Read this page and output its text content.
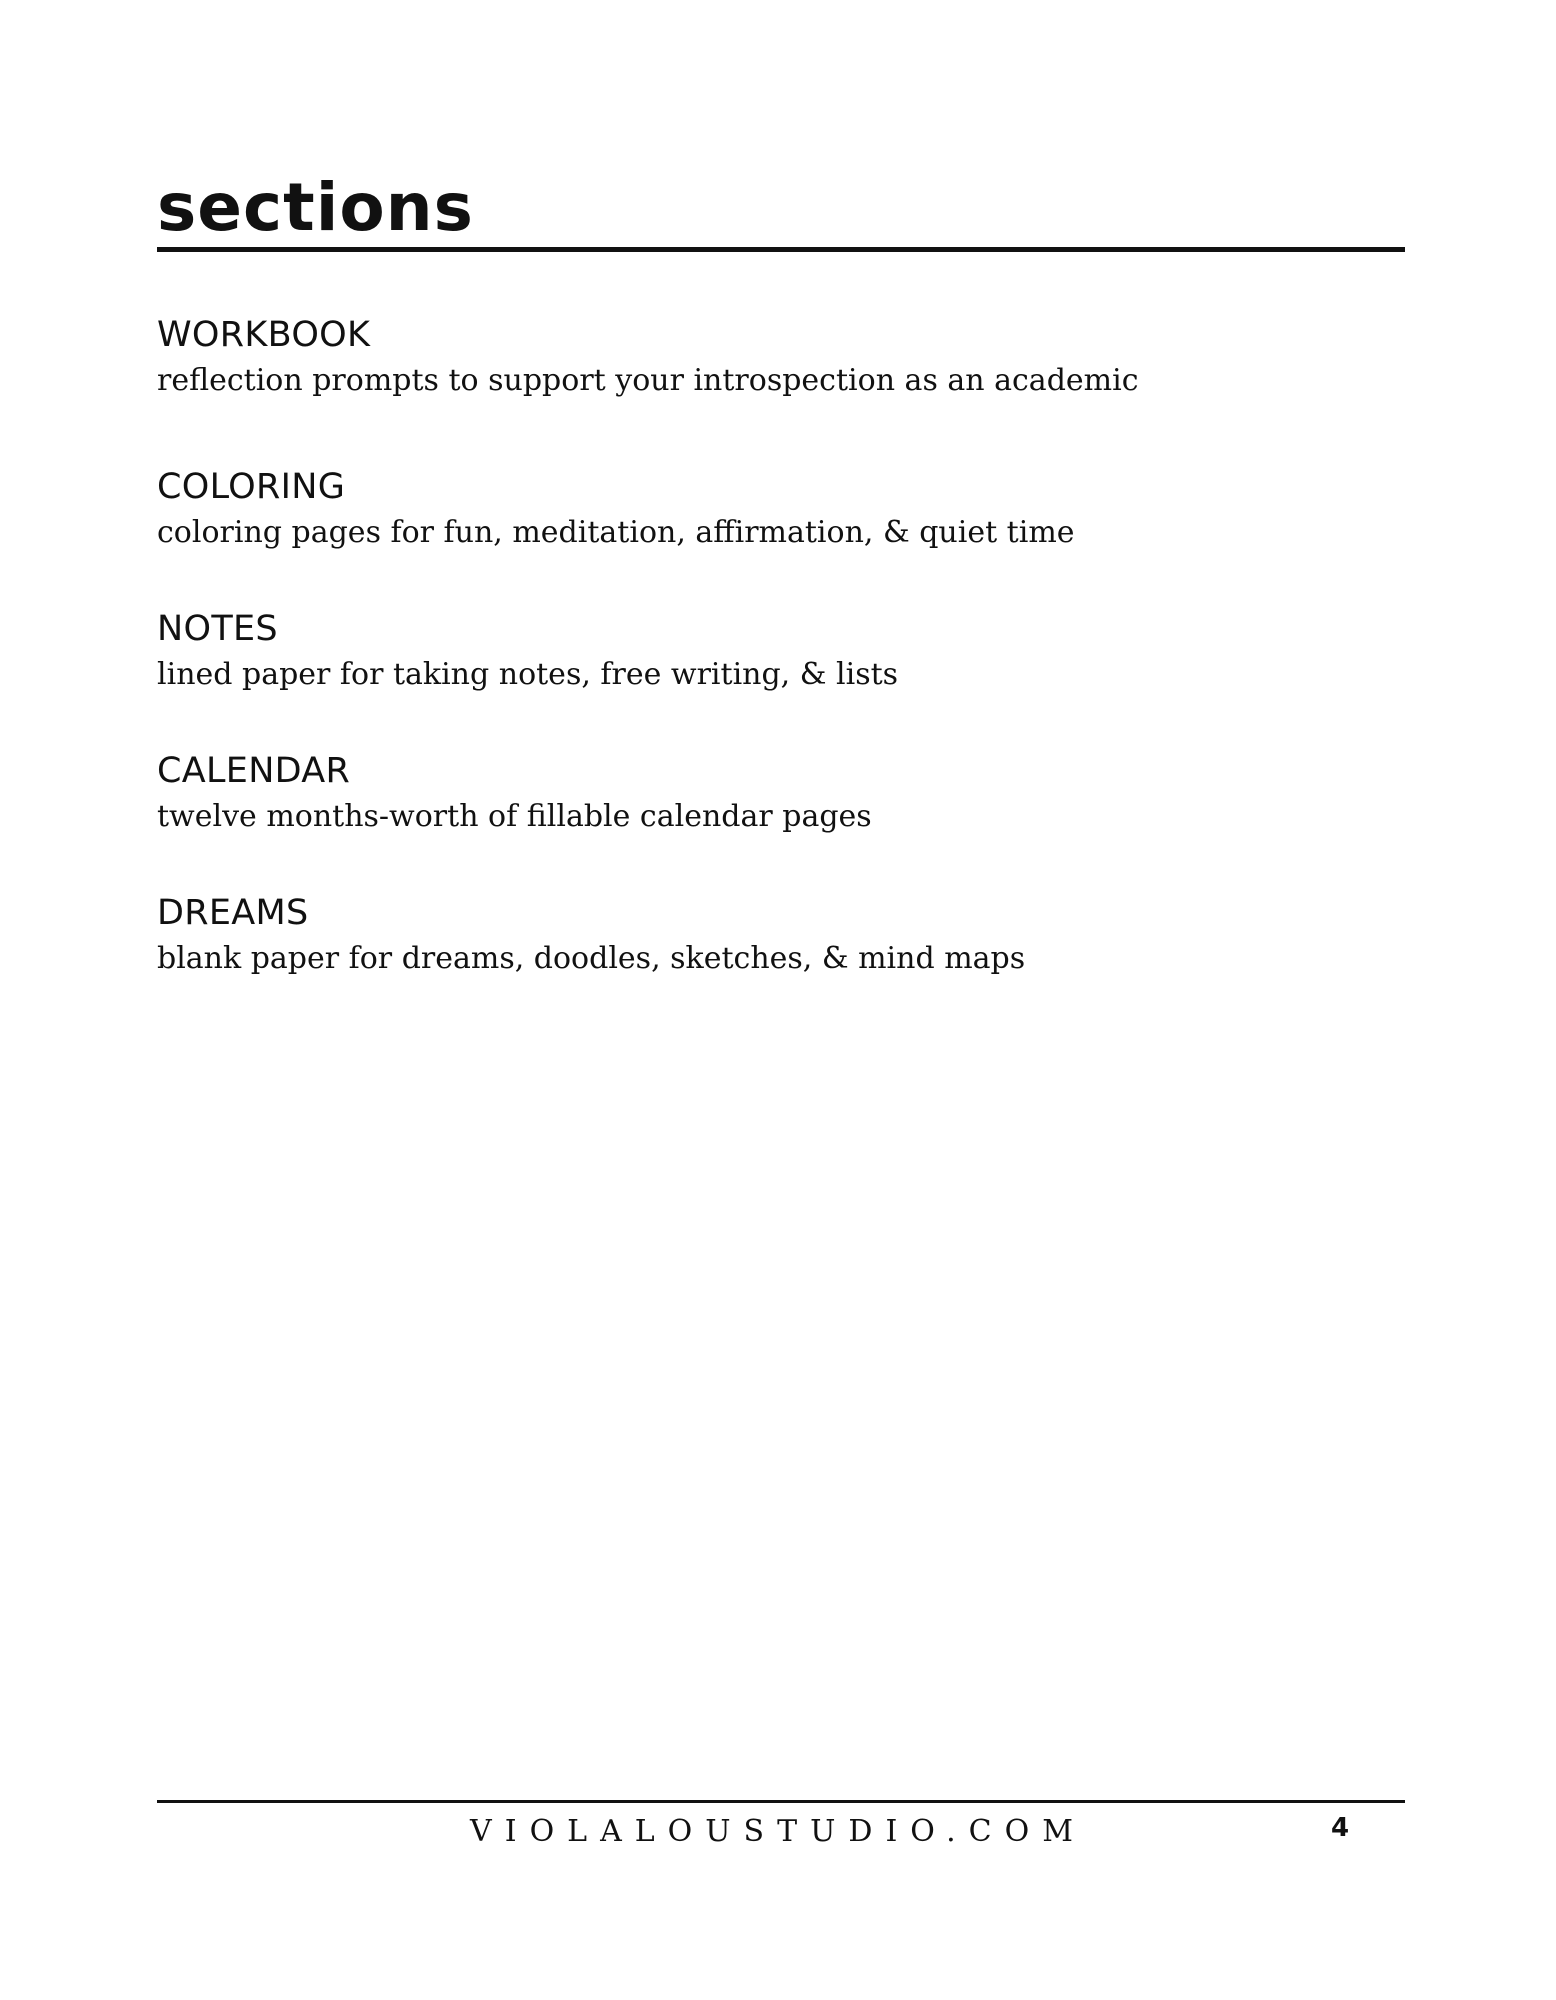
sections
WORKBOOK
reflection prompts to support your introspection as an academic
COLORING
coloring pages for fun, meditation, affirmation, & quiet time
NOTES
lined paper for taking notes, free writing, & lists
CALENDAR
twelve months-worth of fillable calendar pages
DREAMS
blank paper for dreams, doodles, sketches, & mind maps
VIOLALOUSTUDIO.COM	4
